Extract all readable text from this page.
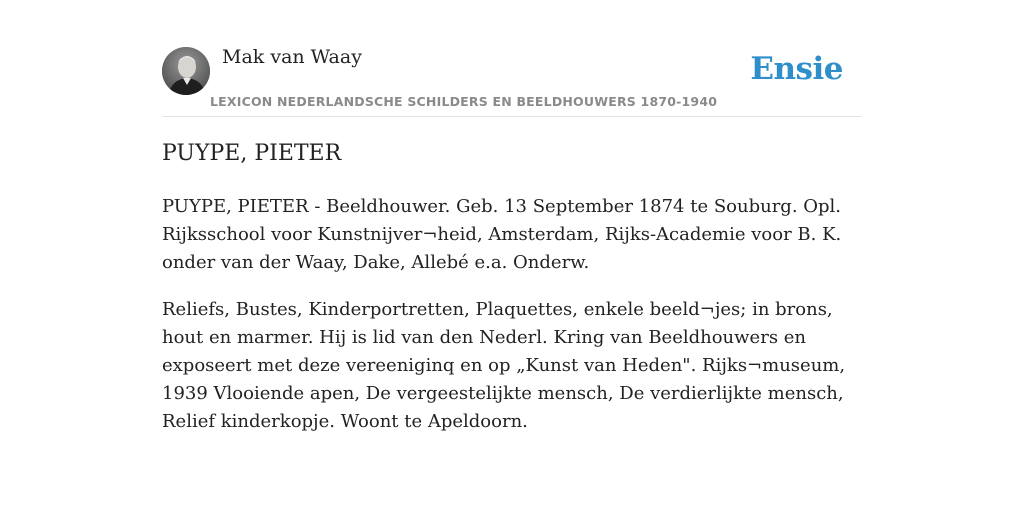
Mak van Waay
LEXICON NEDERLANDSCHE SCHILDERS EN BEELDHOUWERS 1870-1940
Ensie
PUYPE, PIETER

PUYPE, PIETER - Beeldhouwer. Geb. 13 September 1874 te Souburg. Opl. Rijksschool voor Kunstnijver¬heid, Amsterdam, Rijks-Academie voor B. K. onder van der Waay, Dake, Allebé e.a. Onderw.

Reliefs, Bustes, Kinderportretten, Plaquettes, enkele beeld¬jes; in brons, hout en marmer. Hij is lid van den Nederl. Kring van Beeldhouwers en exposeert met deze vereeniginq en op „Kunst van Heden". Rijks¬museum, 1939 Vlooiende apen, De vergeestelijkte mensch, De verdierlijkte mensch, Relief kinderkopje. Woont te Apeldoorn.
